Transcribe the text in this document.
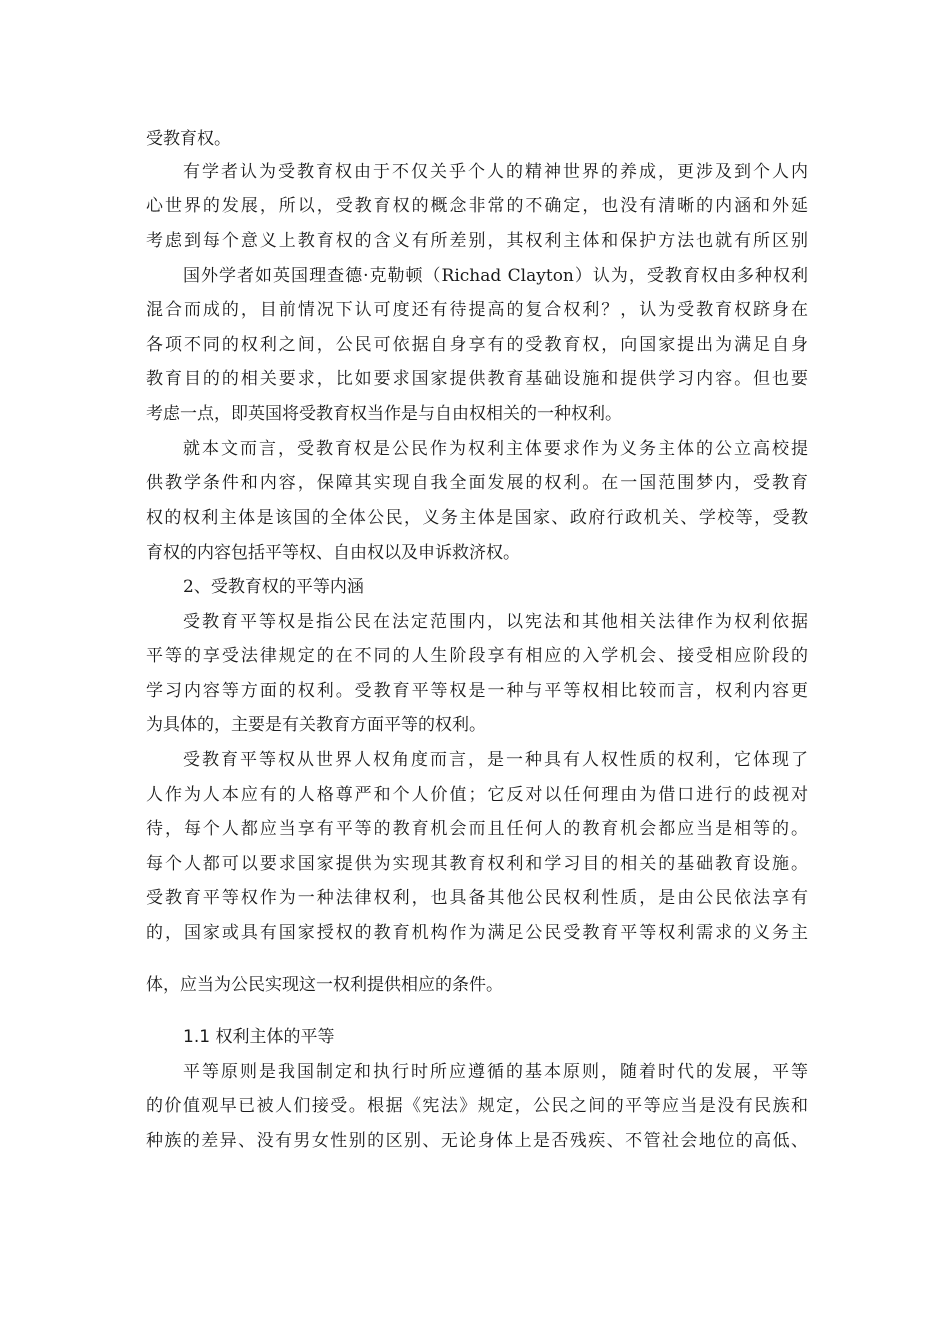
受教育权。
有学者认为受教育权由于不仅关乎个人的精神世界的养成，更涉及到个人内
心世界的发展，所以，受教育权的概念非常的不确定，也没有清晰的内涵和外延
考虑到每个意义上教育权的含义有所差别，其权利主体和保护方法也就有所区别
国外学者如英国理查德·克勒顿（Richad Clayton）认为，受教育权由多种权利
混合而成的，目前情况下认可度还有待提高的复合权利？，认为受教育权跻身在
各项不同的权利之间，公民可依据自身享有的受教育权，向国家提出为满足自身
教育目的的相关要求，比如要求国家提供教育基础设施和提供学习内容。但也要
考虑一点，即英国将受教育权当作是与自由权相关的一种权利。
就本文而言，受教育权是公民作为权利主体要求作为义务主体的公立高校提
供教学条件和内容，保障其实现自我全面发展的权利。在一国范围梦内，受教育
权的权利主体是该国的全体公民，义务主体是国家、政府行政机关、学校等，受教
育权的内容包括平等权、自由权以及申诉救济权。
2、受教育权的平等内涵
受教育平等权是指公民在法定范围内，以宪法和其他相关法律作为权利依据
平等的享受法律规定的在不同的人生阶段享有相应的入学机会、接受相应阶段的
学习内容等方面的权利。受教育平等权是一种与平等权相比较而言，权利内容更
为具体的，主要是有关教育方面平等的权利。
受教育平等权从世界人权角度而言，是一种具有人权性质的权利，它体现了
人作为人本应有的人格尊严和个人价值；它反对以任何理由为借口进行的歧视对
待，每个人都应当享有平等的教育机会而且任何人的教育机会都应当是相等的。
每个人都可以要求国家提供为实现其教育权利和学习目的相关的基础教育设施。
受教育平等权作为一种法律权利，也具备其他公民权利性质，是由公民依法享有
的，国家或具有国家授权的教育机构作为满足公民受教育平等权利需求的义务主
体，应当为公民实现这一权利提供相应的条件。
1.1 权利主体的平等
平等原则是我国制定和执行时所应遵循的基本原则，随着时代的发展，平等
的价值观早已被人们接受。根据《宪法》规定，公民之间的平等应当是没有民族和
种族的差异、没有男女性别的区别、无论身体上是否残疾、不管社会地位的高低、
